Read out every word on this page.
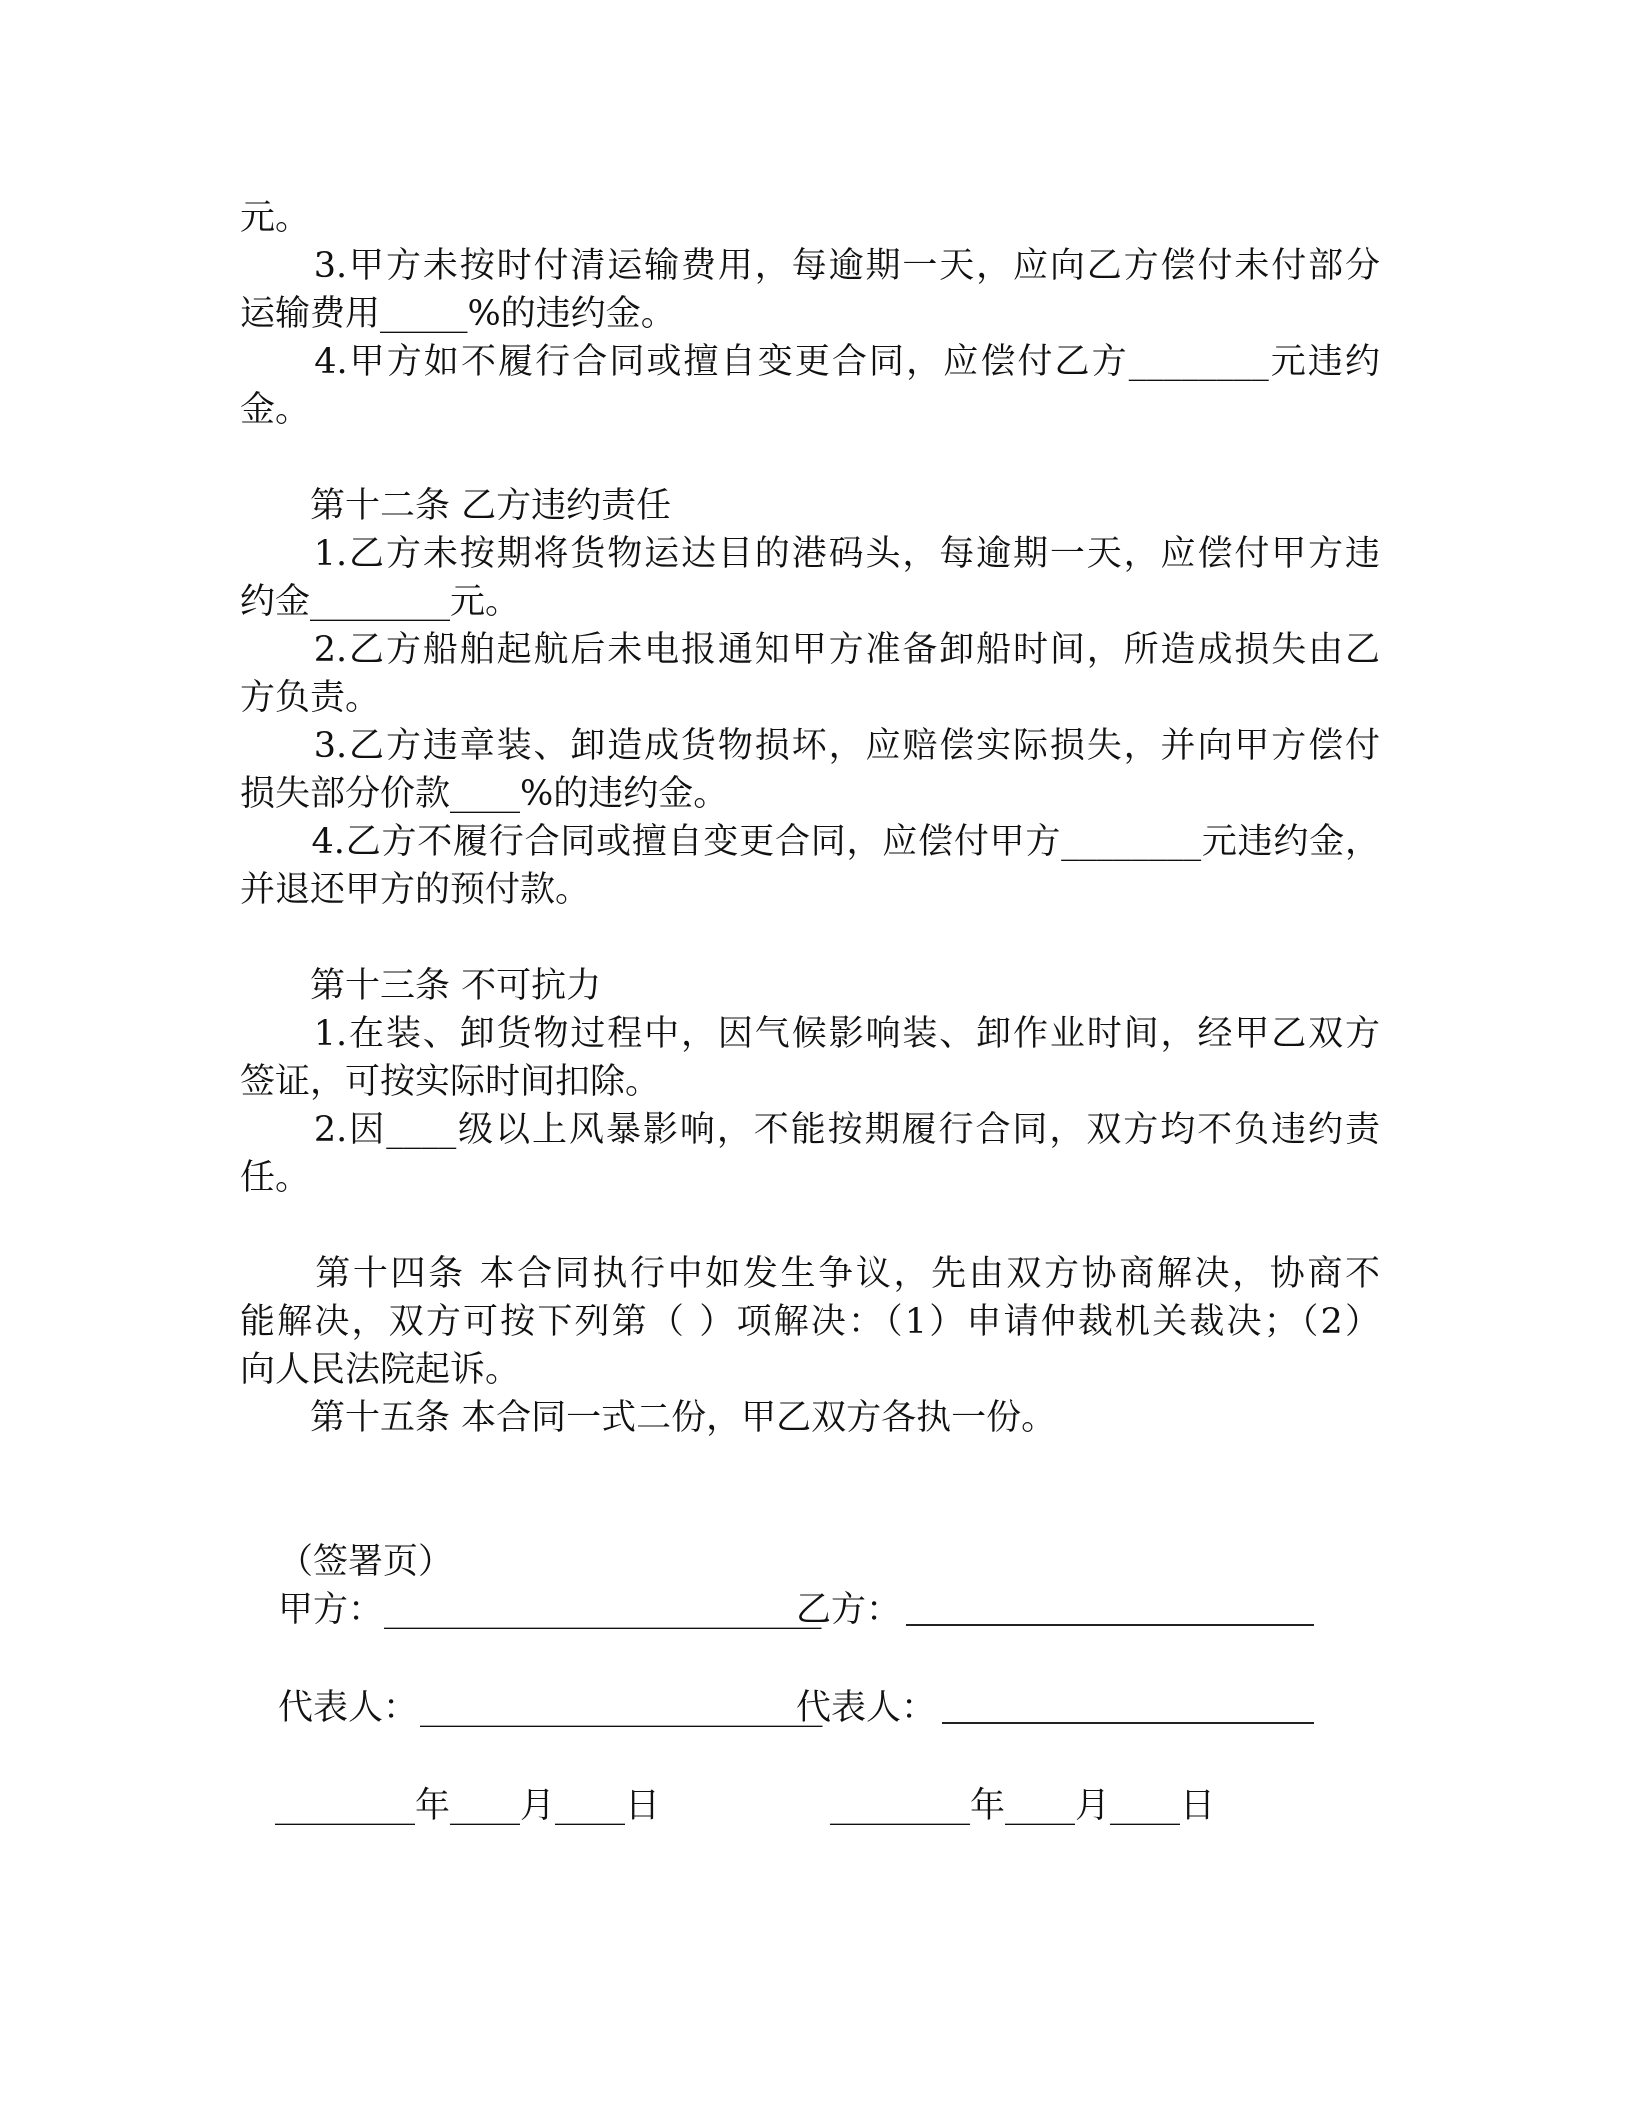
元。
　　3.甲方未按时付清运输费用，每逾期一天，应向乙方偿付未付部分
运输费用_____%的违约金。
　　4.甲方如不履行合同或擅自变更合同，应偿付乙方________元违约
金。
　　第十二条 乙方违约责任
　　1.乙方未按期将货物运达目的港码头，每逾期一天，应偿付甲方违
约金________元。
　　2.乙方船舶起航后未电报通知甲方准备卸船时间，所造成损失由乙
方负责。
　　3.乙方违章装、卸造成货物损坏，应赔偿实际损失，并向甲方偿付
损失部分价款____%的违约金。
　　4.乙方不履行合同或擅自变更合同，应偿付甲方________元违约金，
并退还甲方的预付款。
　　第十三条 不可抗力
　　1.在装、卸货物过程中，因气候影响装、卸作业时间，经甲乙双方
签证，可按实际时间扣除。
　　2.因____级以上风暴影响，不能按期履行合同，双方均不负违约责
任。
　　第十四条 本合同执行中如发生争议，先由双方协商解决，协商不
能解决，双方可按下列第（ ）项解决：（1）申请仲裁机关裁决；（2）
向人民法院起诉。
　　第十五条 本合同一式二份，甲乙双方各执一份。
（签署页）
甲方： _________________________
乙方：
代表人： _______________________
代表人：
________年____月____日	________年____月____日
